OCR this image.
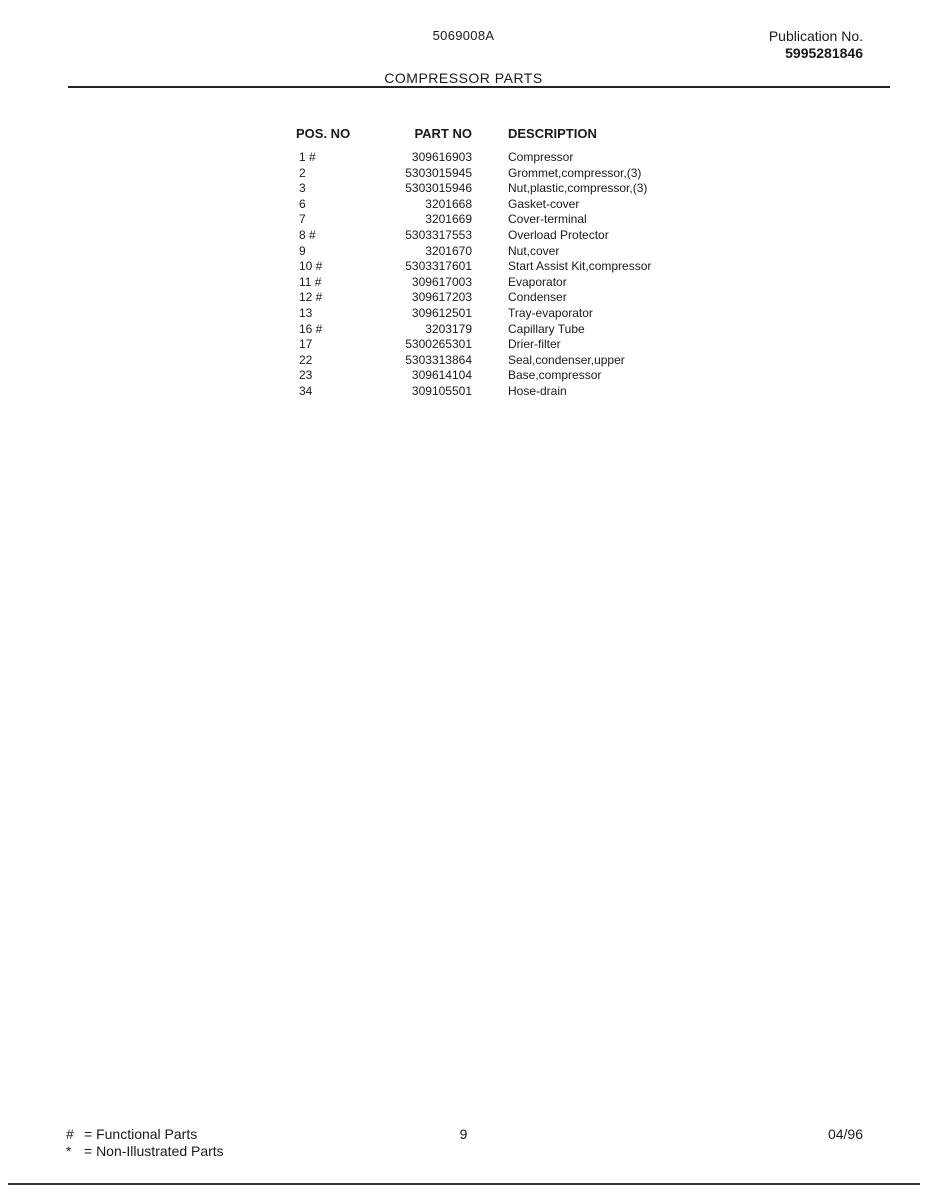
5069008A	Publication No.
5995281846
COMPRESSOR PARTS
POS. NO	PART NO	DESCRIPTION
1 #	309616903	Compressor
2	5303015945	Grommet,compressor,(3)
3	5303015946	Nut,plastic,compressor,(3)
6	3201668	Gasket-cover
7	3201669	Cover-terminal
8 #	5303317553	Overload Protector
9	3201670	Nut,cover
10 #	5303317601	Start Assist Kit,compressor
11 #	309617003	Evaporator
12 #	309617203	Condenser
13	309612501	Tray-evaporator
16 #	3203179	Capillary Tube
17	5300265301	Drier-filter
22	5303313864	Seal,condenser,upper
23	309614104	Base,compressor
34	309105501	Hose-drain
# = Functional Parts
* = Non-Illustrated Parts
9	04/96
